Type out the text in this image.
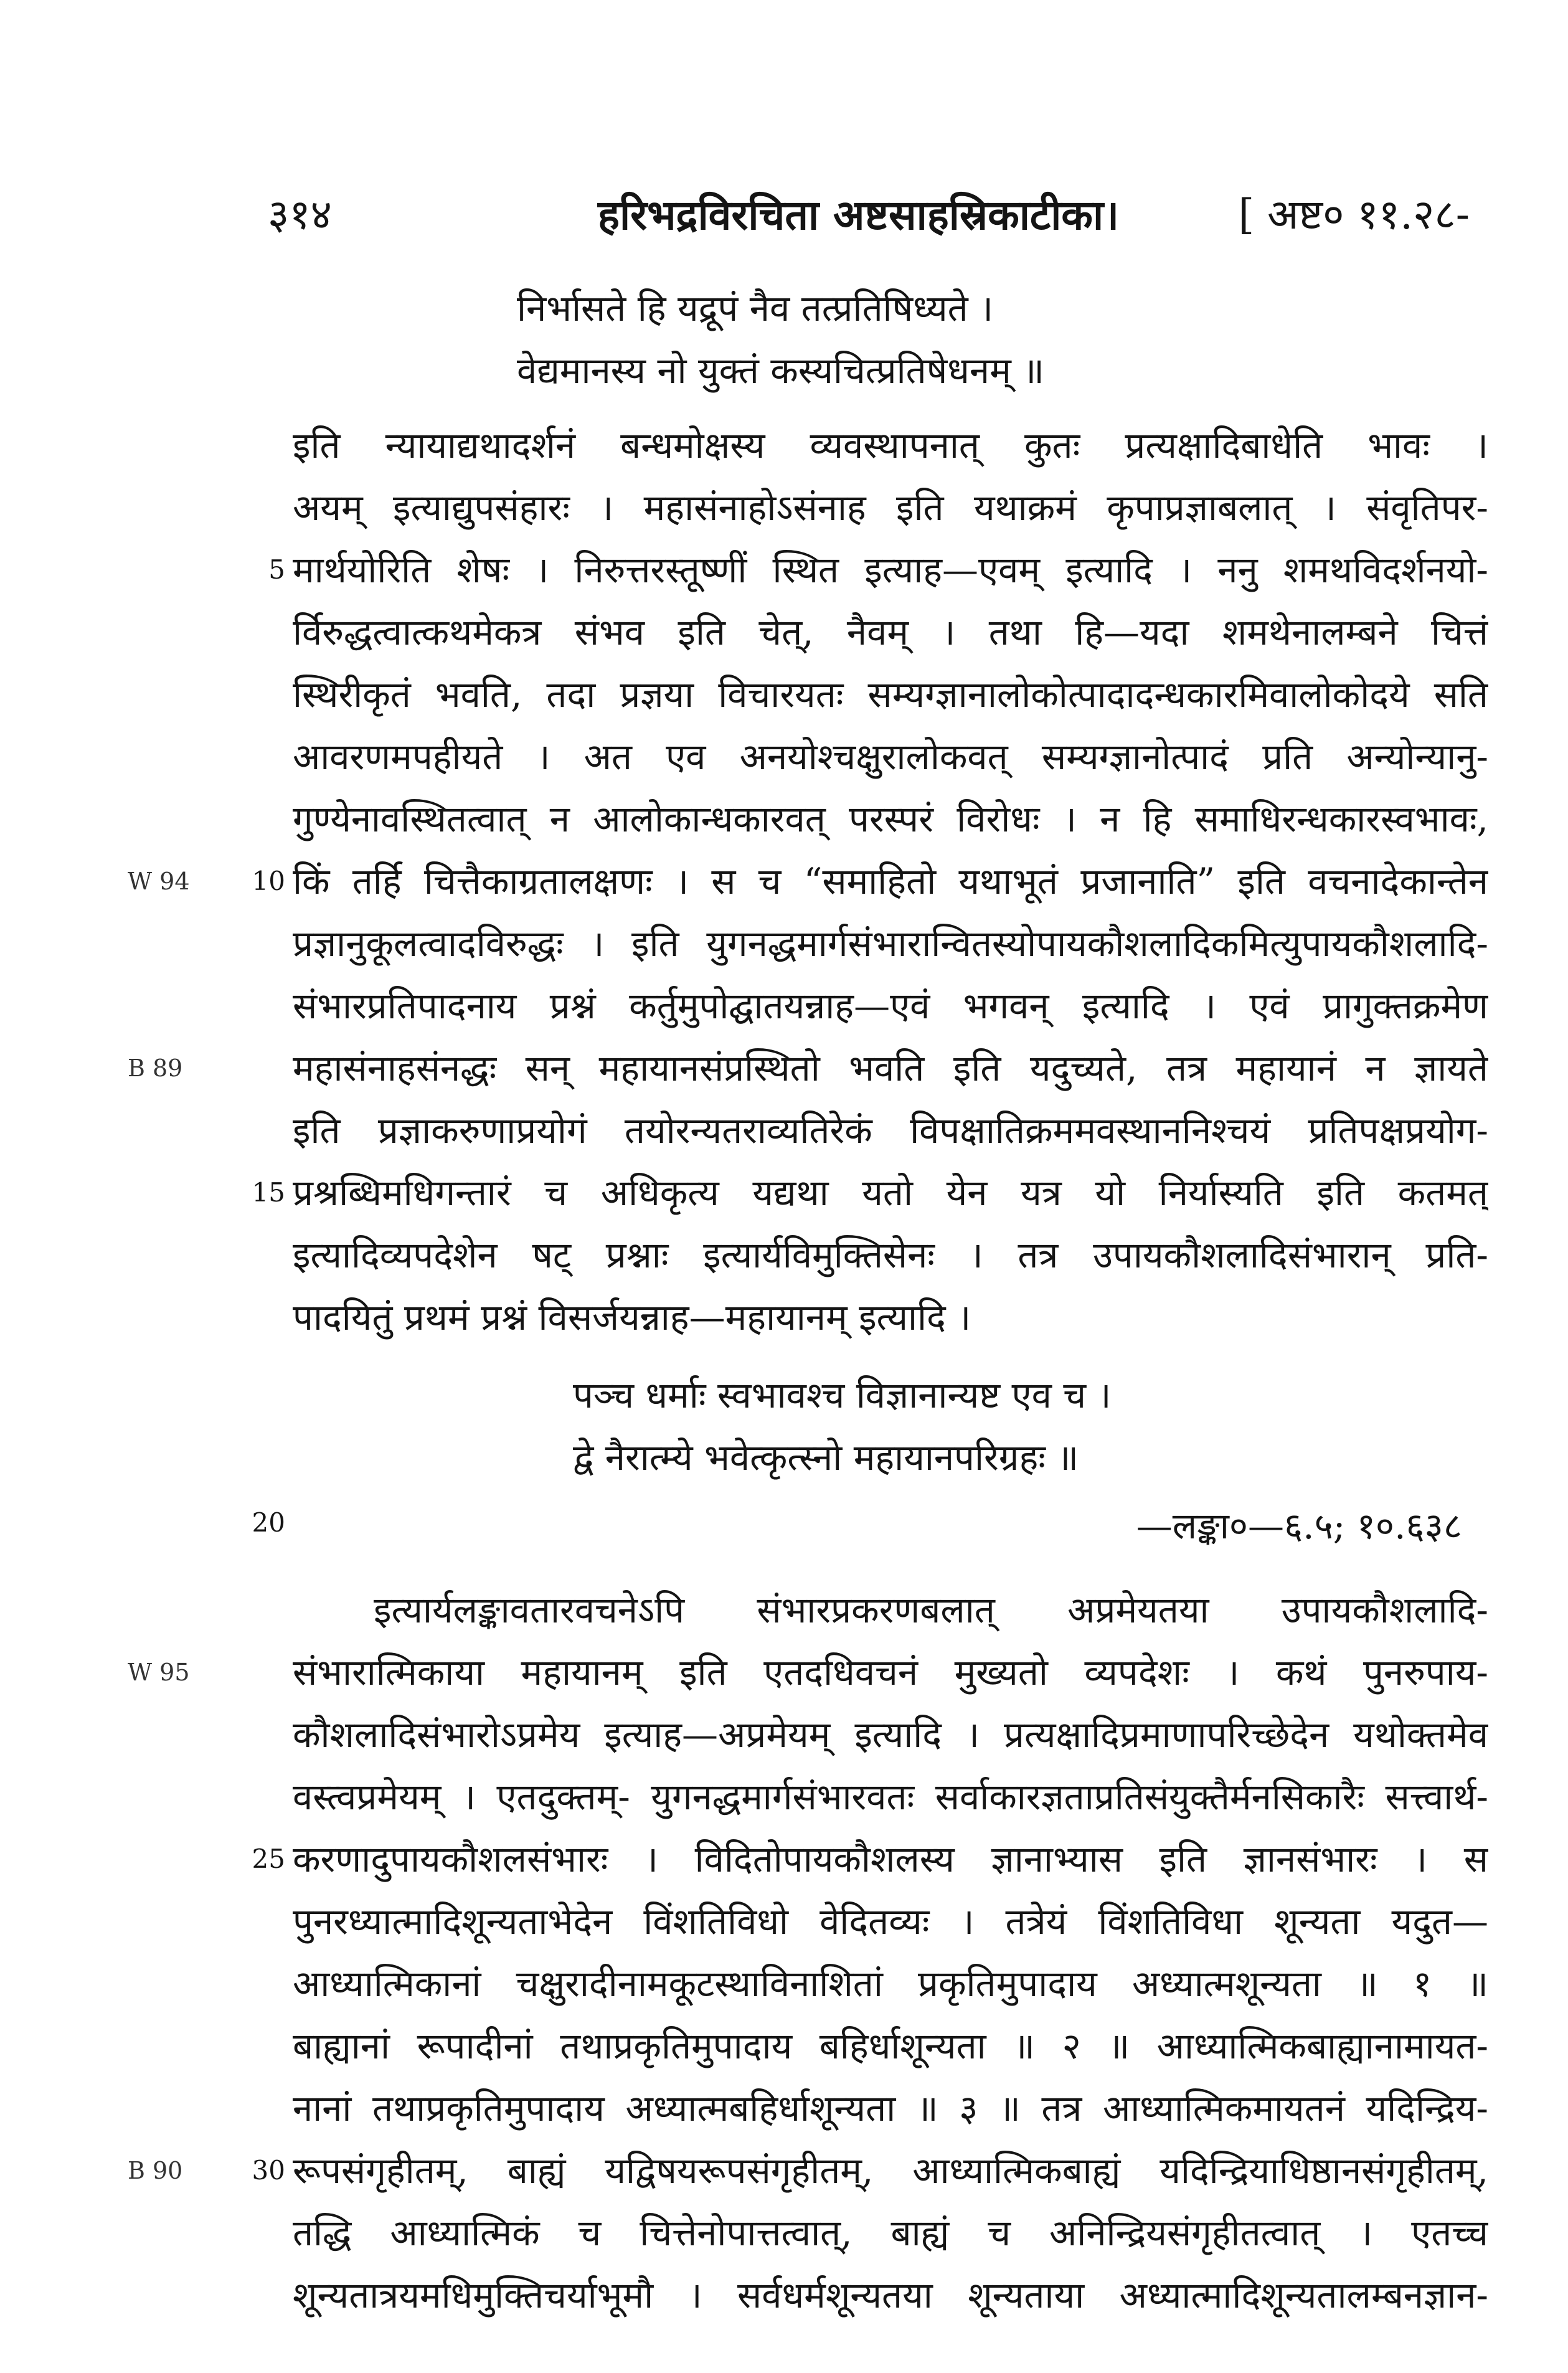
३१४	हरिभद्रविरचिता अष्टसाहस्रिकाटीका।	[ अष्ट० ११.२८-
निर्भासते हि यद्रूपं नैव तत्प्रतिषिध्यते ।
वेद्यमानस्य नो युक्तं कस्यचित्प्रतिषेधनम् ॥
इति न्यायाद्यथादर्शनं बन्धमोक्षस्य व्यवस्थापनात् कुतः प्रत्यक्षादिबाधेति भावः ।
अयम् इत्याद्युपसंहारः । महासंनाहोऽसंनाह इति यथाक्रमं कृपाप्रज्ञाबलात् । संवृतिपर-
5 मार्थयोरिति शेषः । निरुत्तरस्तूष्णीं स्थित इत्याह—एवम् इत्यादि । ननु शमथविदर्शनयो-
र्विरुद्धत्वात्कथमेकत्र संभव इति चेत्, नैवम् । तथा हि—यदा शमथेनालम्बने चित्तं
स्थिरीकृतं भवति, तदा प्रज्ञया विचारयतः सम्यग्ज्ञानालोकोत्पादादन्धकारमिवालोकोदये सति
आवरणमपहीयते । अत एव अनयोश्चक्षुरालोकवत् सम्यग्ज्ञानोत्पादं प्रति अन्योन्यानु-
गुण्येनावस्थितत्वात् न आलोकान्धकारवत् परस्परं विरोधः । न हि समाधिरन्धकारस्वभावः,
W 94	10 किं तर्हि चित्तैकाग्रतालक्षणः । स च “समाहितो यथाभूतं प्रजानाति” इति वचनादेकान्तेन
प्रज्ञानुकूलत्वादविरुद्धः । इति युगनद्धमार्गसंभारान्वितस्योपायकौशलादिकमित्युपायकौशलादि-
संभारप्रतिपादनाय प्रश्नं कर्तुमुपोद्घातयन्नाह—एवं भगवन् इत्यादि । एवं प्रागुक्तक्रमेण
B 89	महासंनाहसंनद्धः सन् महायानसंप्रस्थितो भवति इति यदुच्यते, तत्र महायानं न ज्ञायते
इति प्रज्ञाकरुणाप्रयोगं तयोरन्यतराव्यतिरेकं विपक्षातिक्रममवस्थाननिश्चयं प्रतिपक्षप्रयोग-
15 प्रश्रब्धिमधिगन्तारं च अधिकृत्य यद्यथा यतो येन यत्र यो निर्यास्यति इति कतमत्
इत्यादिव्यपदेशेन षट् प्रश्नाः इत्यार्यविमुक्तिसेनः । तत्र उपायकौशलादिसंभारान् प्रति-
पादयितुं प्रथमं प्रश्नं विसर्जयन्नाह—महायानम् इत्यादि ।
पञ्च धर्माः स्वभावश्च विज्ञानान्यष्ट एव च ।
द्वे नैरात्म्ये भवेत्कृत्स्नो महायानपरिग्रहः ॥
20	—लङ्का०—६.५; १०.६३८
इत्यार्यलङ्कावतारवचनेऽपि संभारप्रकरणबलात् अप्रमेयतया उपायकौशलादि-
W 95	संभारात्मिकाया महायानम् इति एतदधिवचनं मुख्यतो व्यपदेशः । कथं पुनरुपाय-
कौशलादिसंभारोऽप्रमेय इत्याह—अप्रमेयम् इत्यादि । प्रत्यक्षादिप्रमाणापरिच्छेदेन यथोक्तमेव
वस्त्वप्रमेयम् । एतदुक्तम्- युगनद्धमार्गसंभारवतः सर्वाकारज्ञताप्रतिसंयुक्तैर्मनसिकारैः सत्त्वार्थ-
25 करणादुपायकौशलसंभारः । विदितोपायकौशलस्य ज्ञानाभ्यास इति ज्ञानसंभारः । स
पुनरध्यात्मादिशून्यताभेदेन विंशतिविधो वेदितव्यः । तत्रेयं विंशतिविधा शून्यता यदुत—
आध्यात्मिकानां चक्षुरादीनामकूटस्थाविनाशितां प्रकृतिमुपादाय अध्यात्मशून्यता ॥ १ ॥
बाह्यानां रूपादीनां तथाप्रकृतिमुपादाय बहिर्धाशून्यता ॥ २ ॥ आध्यात्मिकबाह्यानामायत-
नानां तथाप्रकृतिमुपादाय अध्यात्मबहिर्धाशून्यता ॥ ३ ॥ तत्र आध्यात्मिकमायतनं यदिन्द्रिय-
B 90	30 रूपसंगृहीतम्, बाह्यं यद्विषयरूपसंगृहीतम्, आध्यात्मिकबाह्यं यदिन्द्रियाधिष्ठानसंगृहीतम्,
तद्धि आध्यात्मिकं च चित्तेनोपात्तत्वात्, बाह्यं च अनिन्द्रियसंगृहीतत्वात् । एतच्च
शून्यतात्रयमधिमुक्तिचर्याभूमौ । सर्वधर्मशून्यतया शून्यताया अध्यात्मादिशून्यतालम्बनज्ञान-
